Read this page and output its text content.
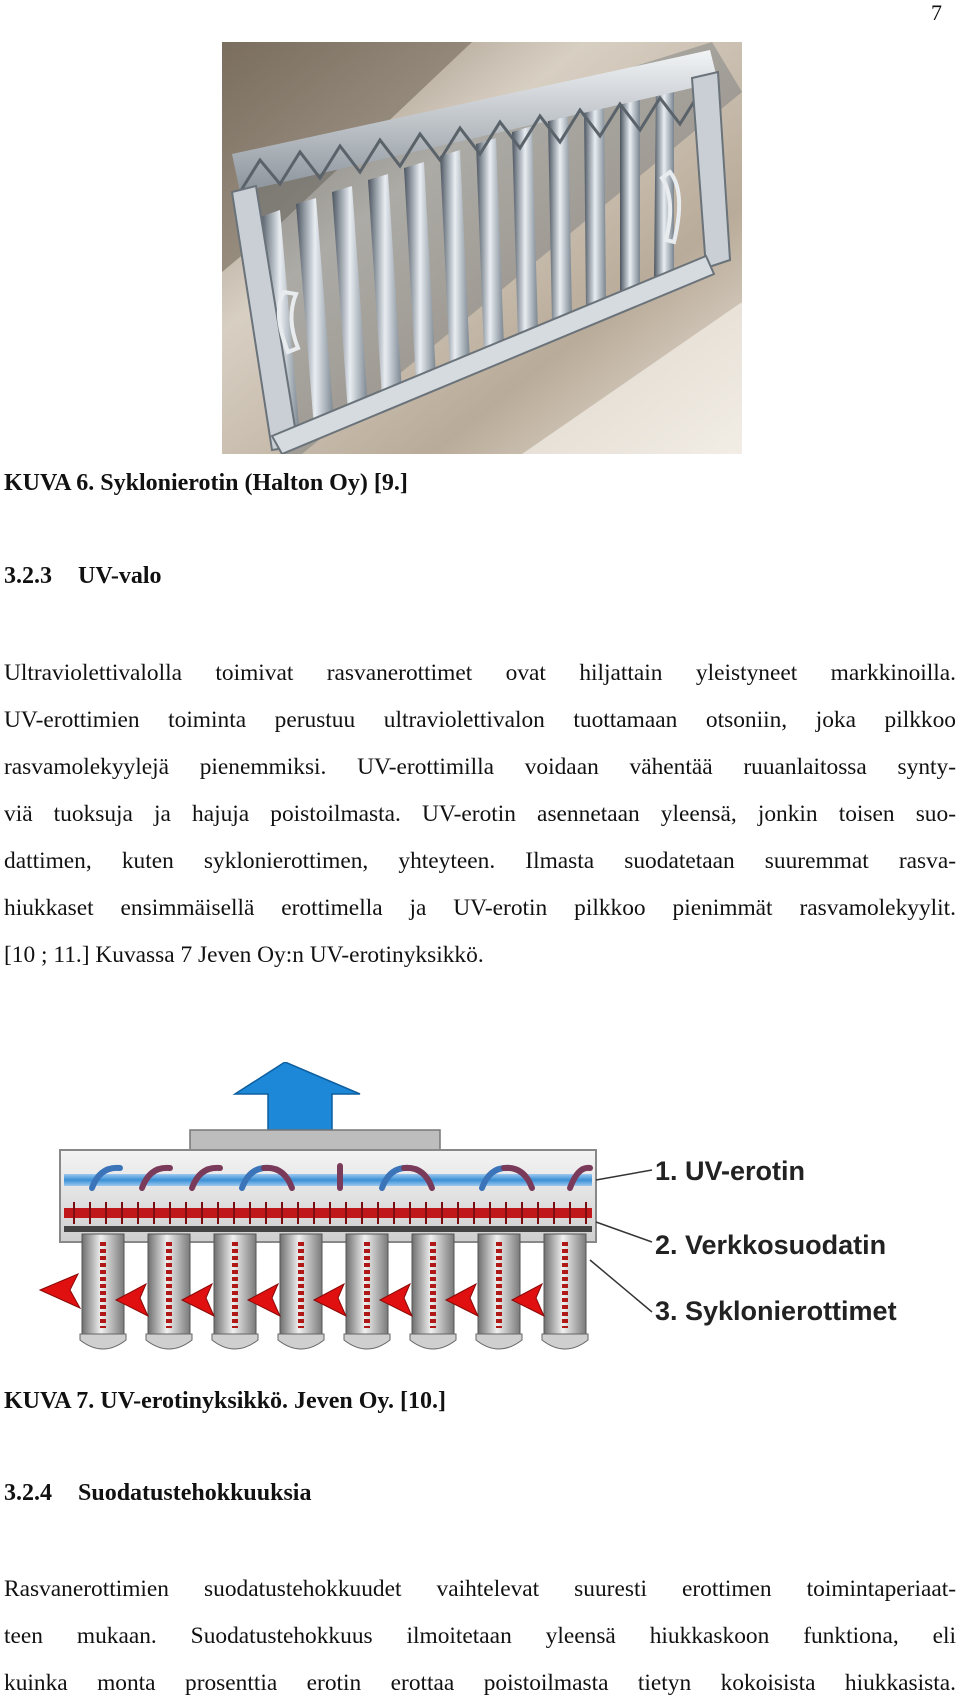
7
KUVA 6. Syklonierotin (Halton Oy) [9.]
3.2.3 UV-valo
Ultraviolettivalolla toimivat rasvanerottimet ovat hiljattain yleistyneet markkinoilla.
UV-erottimien toiminta perustuu ultraviolettivalon tuottamaan otsoniin, joka pilkkoo
rasvamolekyylejä pienemmiksi. UV-erottimilla voidaan vähentää ruuanlaitossa synty-
viä tuoksuja ja hajuja poistoilmasta. UV-erotin asennetaan yleensä, jonkin toisen suo-
dattimen, kuten syklonierottimen, yhteyteen. Ilmasta suodatetaan suuremmat rasva-
hiukkaset ensimmäisellä erottimella ja UV-erotin pilkkoo pienimmät rasvamolekyylit.
[10 ; 11.] Kuvassa 7 Jeven Oy:n UV-erotinyksikkö.
1. UV-erotin
2. Verkkosuodatin
3. Syklonierottimet
KUVA 7. UV-erotinyksikkö. Jeven Oy. [10.]
3.2.4 Suodatustehokkuuksia
Rasvanerottimien suodatustehokkuudet vaihtelevat suuresti erottimen toimintaperiaat-
teen mukaan. Suodatustehokkuus ilmoitetaan yleensä hiukkaskoon funktiona, eli
kuinka monta prosenttia erotin erottaa poistoilmasta tietyn kokoisista hiukkasista.
